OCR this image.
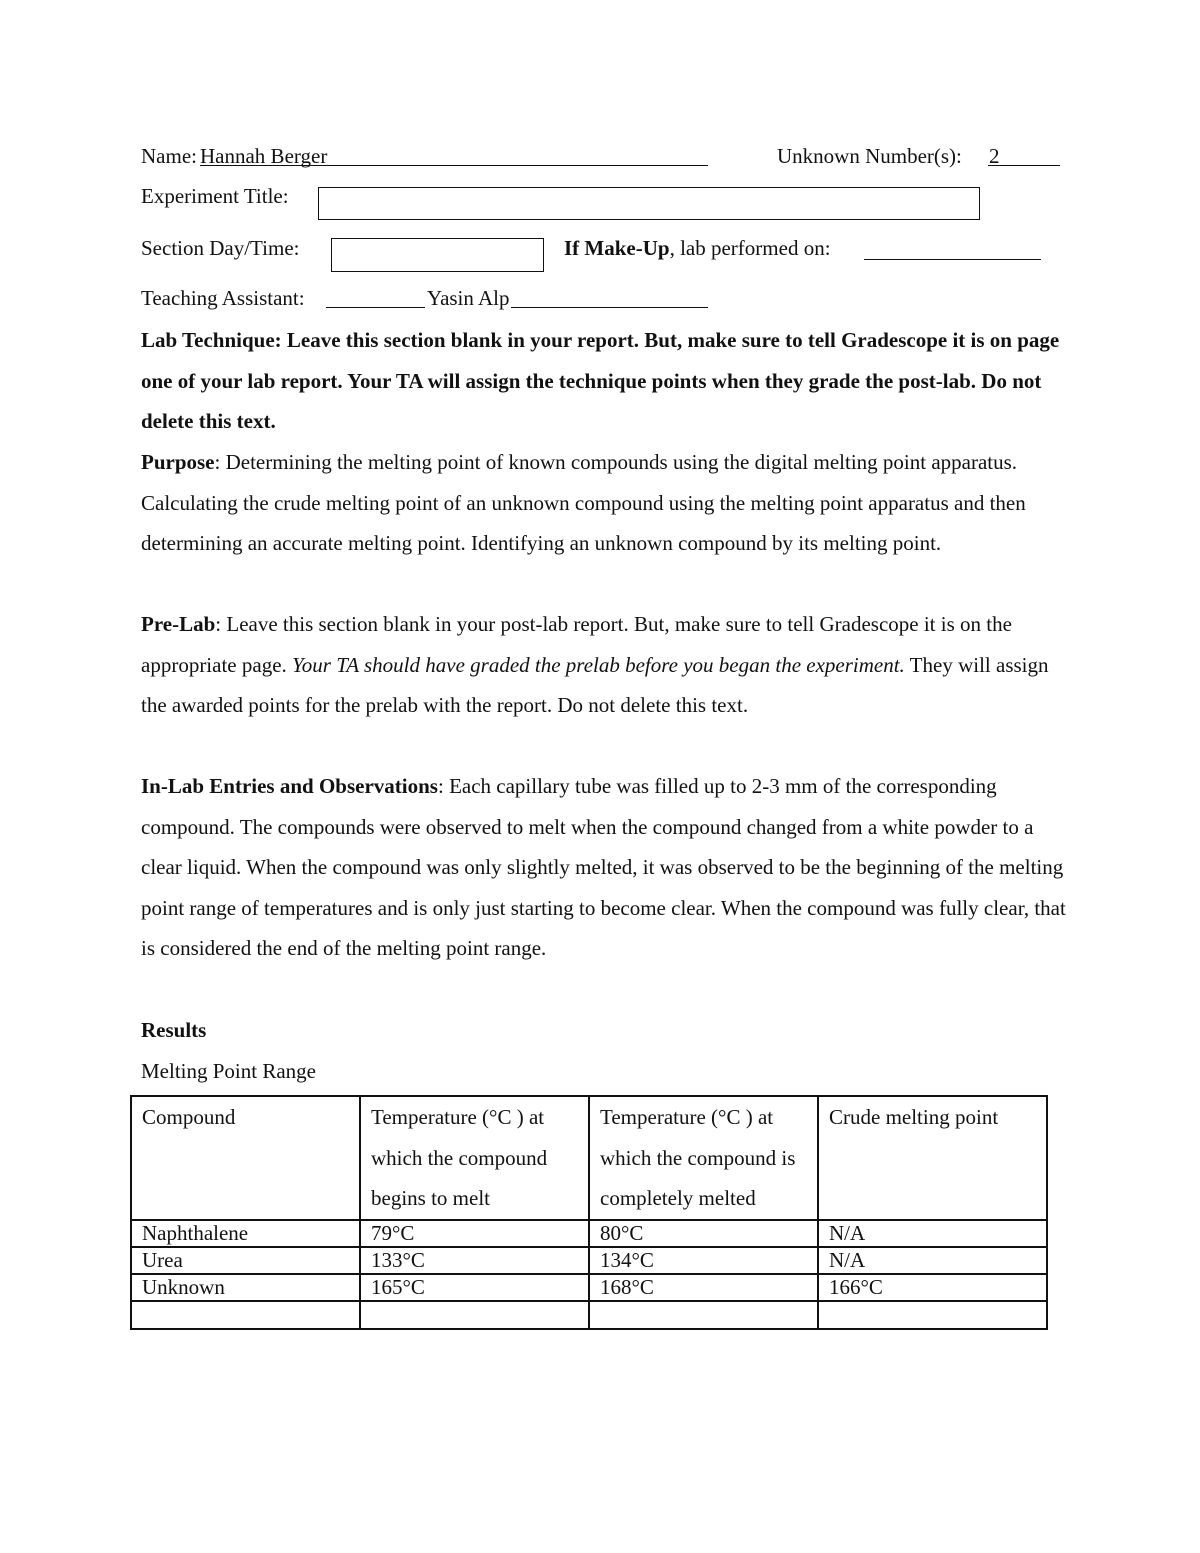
Name: Hannah Berger	Unknown Number(s): 2
Experiment Title:
Section Day/Time:	If Make-Up, lab performed on:
Teaching Assistant:	Yasin Alp
Lab Technique: Leave this section blank in your report. But, make sure to tell Gradescope it is on page one of your lab report. Your TA will assign the technique points when they grade the post-lab. Do not delete this text.
Purpose: Determining the melting point of known compounds using the digital melting point apparatus. Calculating the crude melting point of an unknown compound using the melting point apparatus and then determining an accurate melting point. Identifying an unknown compound by its melting point.
Pre-Lab: Leave this section blank in your post-lab report. But, make sure to tell Gradescope it is on the appropriate page. Your TA should have graded the prelab before you began the experiment. They will assign the awarded points for the prelab with the report. Do not delete this text.
In-Lab Entries and Observations: Each capillary tube was filled up to 2-3 mm of the corresponding compound. The compounds were observed to melt when the compound changed from a white powder to a clear liquid. When the compound was only slightly melted, it was observed to be the beginning of the melting point range of temperatures and is only just starting to become clear. When the compound was fully clear, that is considered the end of the melting point range.
Results
Melting Point Range
Compound	Temperature (°C ) at which the compound begins to melt	Temperature (°C ) at which the compound is completely melted	Crude melting point
Naphthalene	79°C	80°C	N/A
Urea	133°C	134°C	N/A
Unknown	165°C	168°C	166°C
